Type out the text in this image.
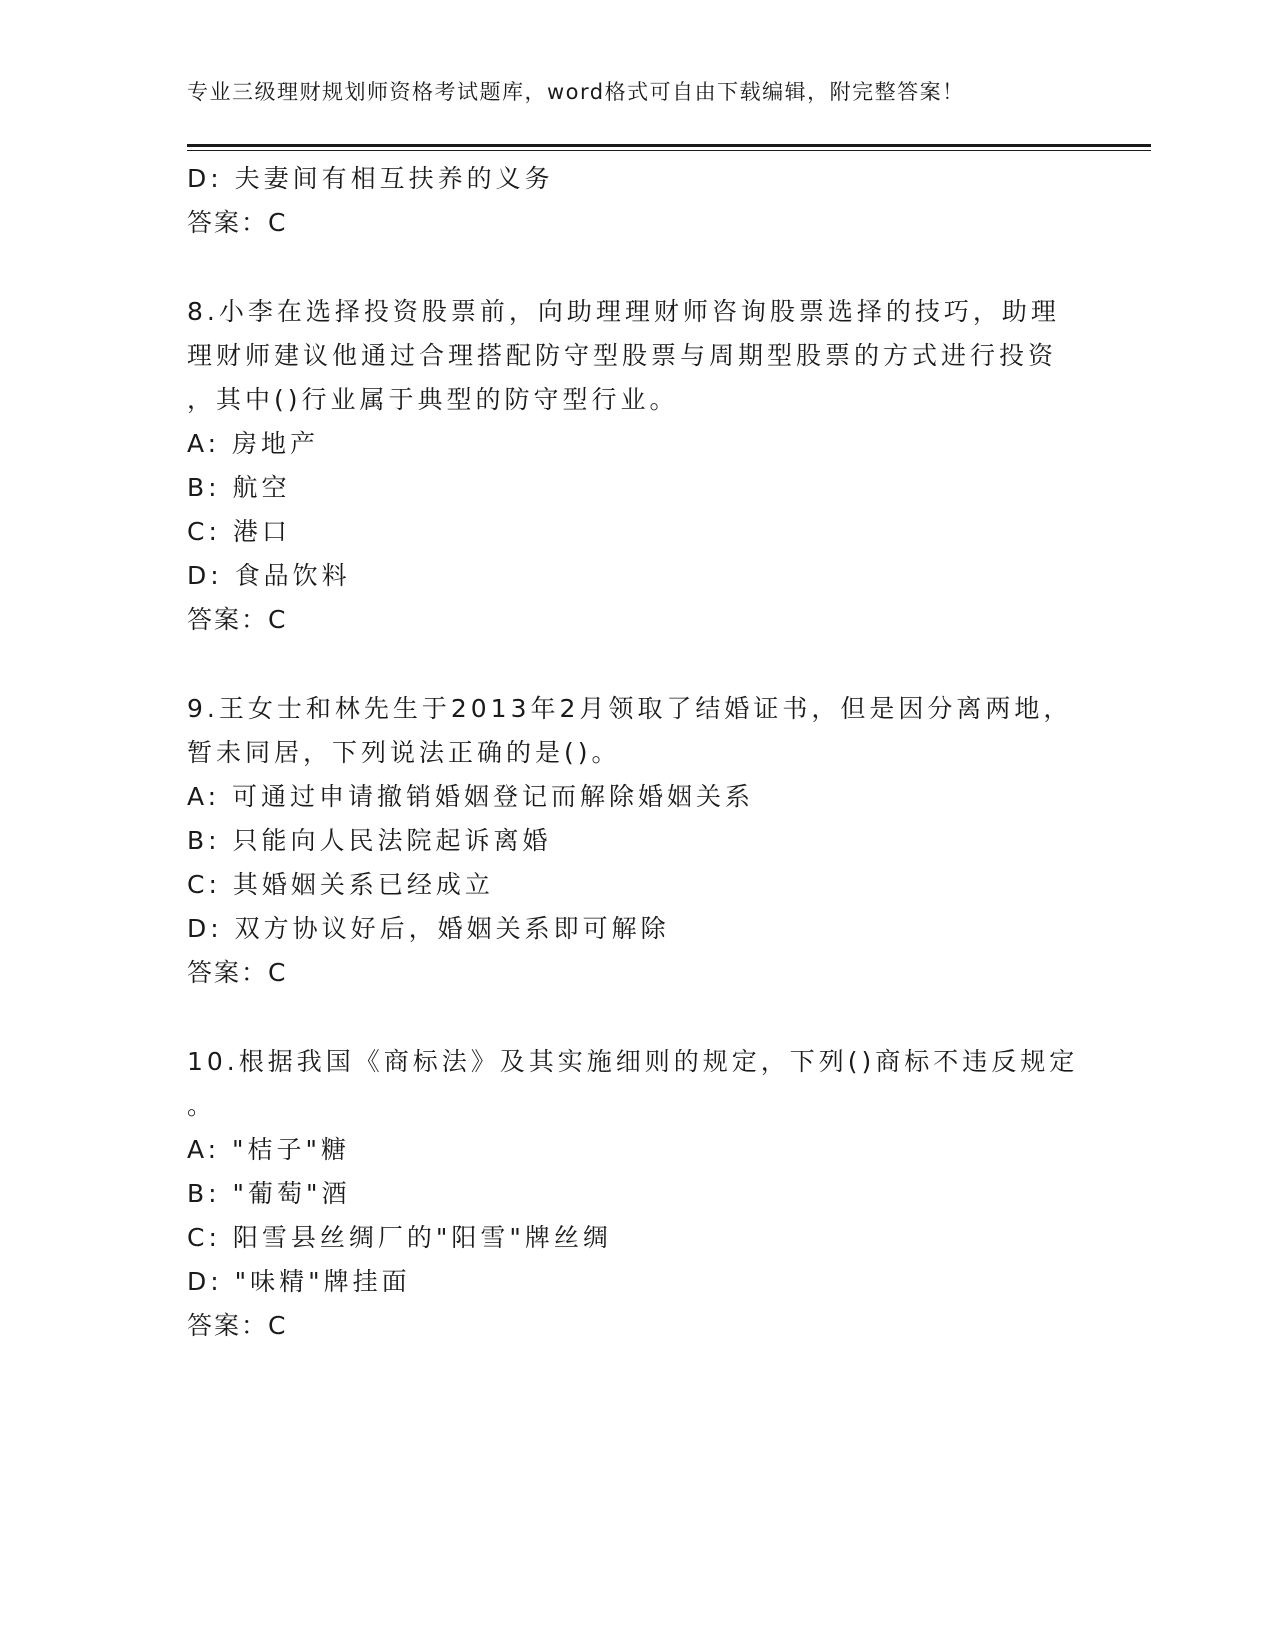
专业三级理财规划师资格考试题库，word格式可自由下载编辑，附完整答案！
D: 夫妻间有相互扶养的义务
答案：C
8.小李在选择投资股票前，向助理理财师咨询股票选择的技巧，助理
理财师建议他通过合理搭配防守型股票与周期型股票的方式进行投资
，其中()行业属于典型的防守型行业。
A: 房地产
B: 航空
C: 港口
D: 食品饮料
答案：C
9.王女士和林先生于2013年2月领取了结婚证书，但是因分离两地，
暂未同居，下列说法正确的是()。
A: 可通过申请撤销婚姻登记而解除婚姻关系
B: 只能向人民法院起诉离婚
C: 其婚姻关系已经成立
D: 双方协议好后，婚姻关系即可解除
答案：C
10.根据我国《商标法》及其实施细则的规定，下列()商标不违反规定
。
A: "桔子"糖
B: "葡萄"酒
C: 阳雪县丝绸厂的"阳雪"牌丝绸
D: "味精"牌挂面
答案：C
